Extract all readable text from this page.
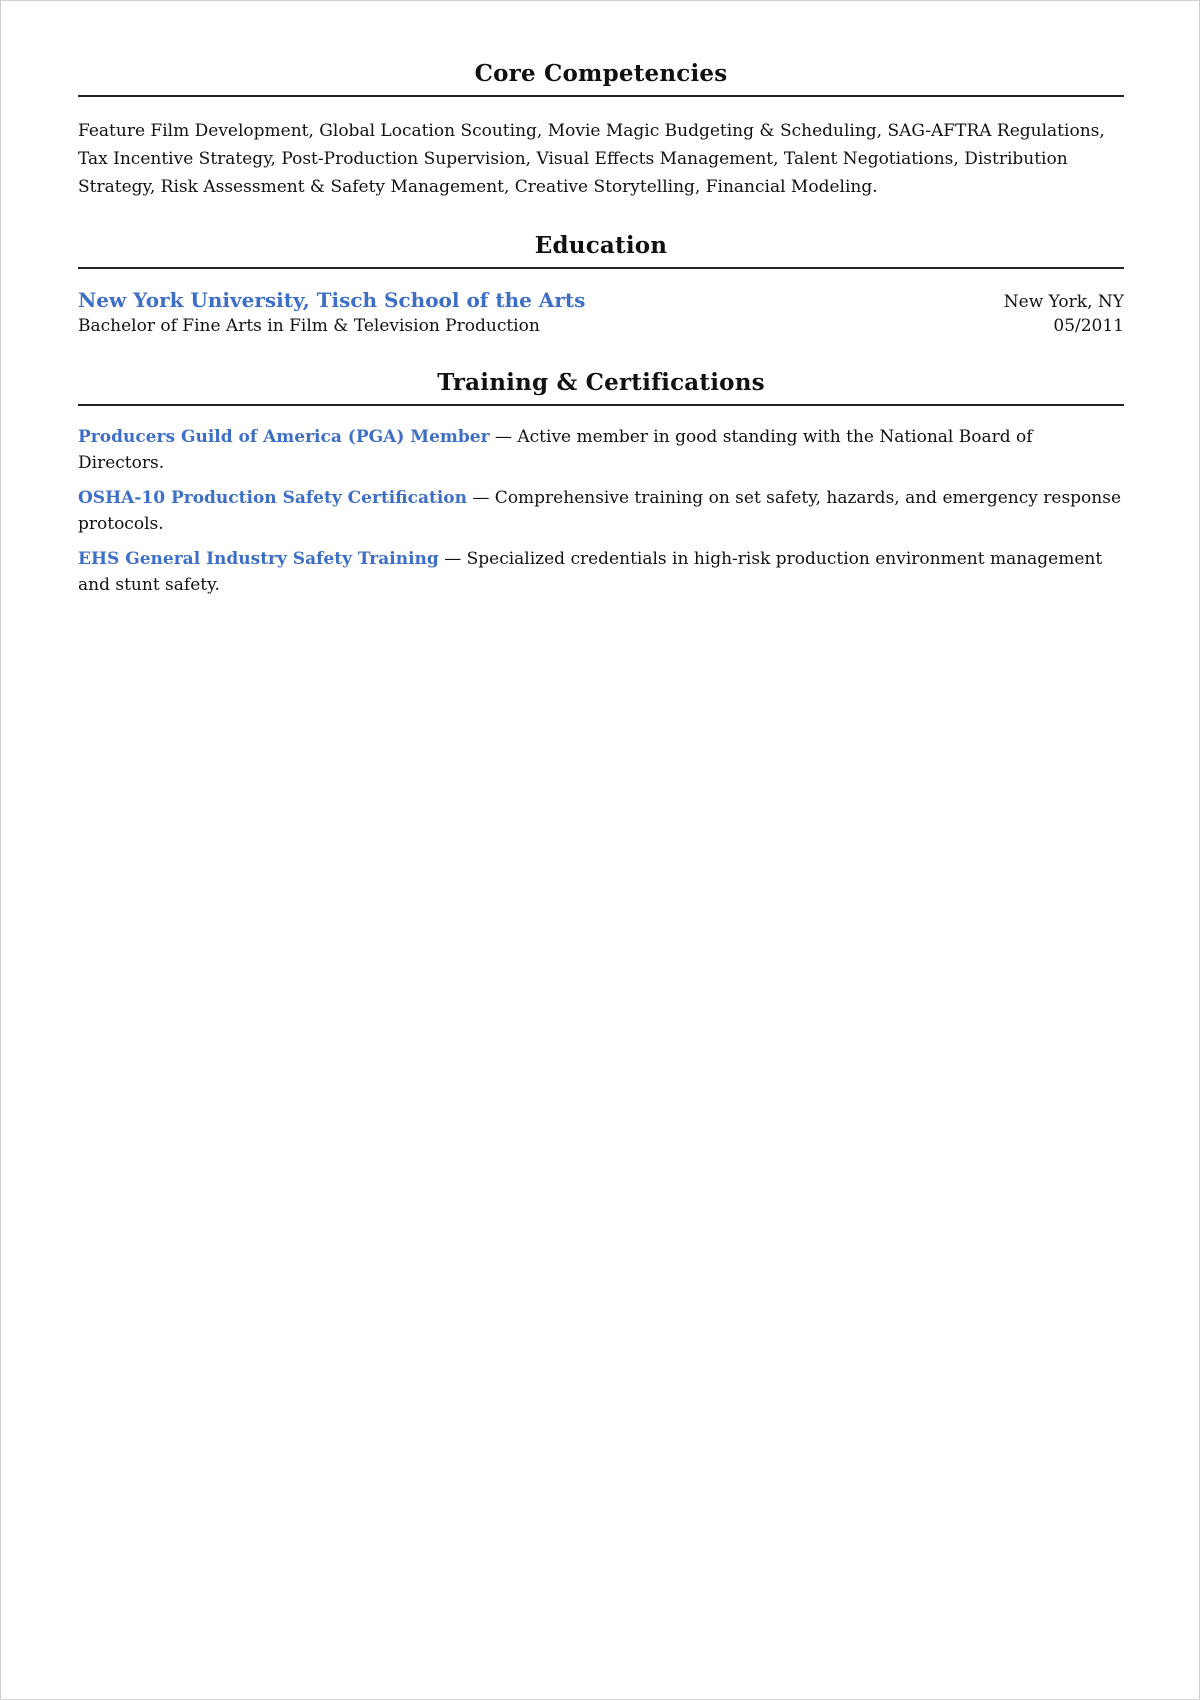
Core Competencies

Feature Film Development, Global Location Scouting, Movie Magic Budgeting & Scheduling, SAG-AFTRA Regulations, Tax Incentive Strategy, Post-Production Supervision, Visual Effects Management, Talent Negotiations, Distribution Strategy, Risk Assessment & Safety Management, Creative Storytelling, Financial Modeling.

Education
New York University, Tisch School of the Arts	New York, NY
Bachelor of Fine Arts in Film & Television Production	05/2011
Training & Certifications
Producers Guild of America (PGA) Member — Active member in good standing with the National Board of Directors.
OSHA-10 Production Safety Certification — Comprehensive training on set safety, hazards, and emergency response protocols.
EHS General Industry Safety Training — Specialized credentials in high-risk production environment management and stunt safety.
